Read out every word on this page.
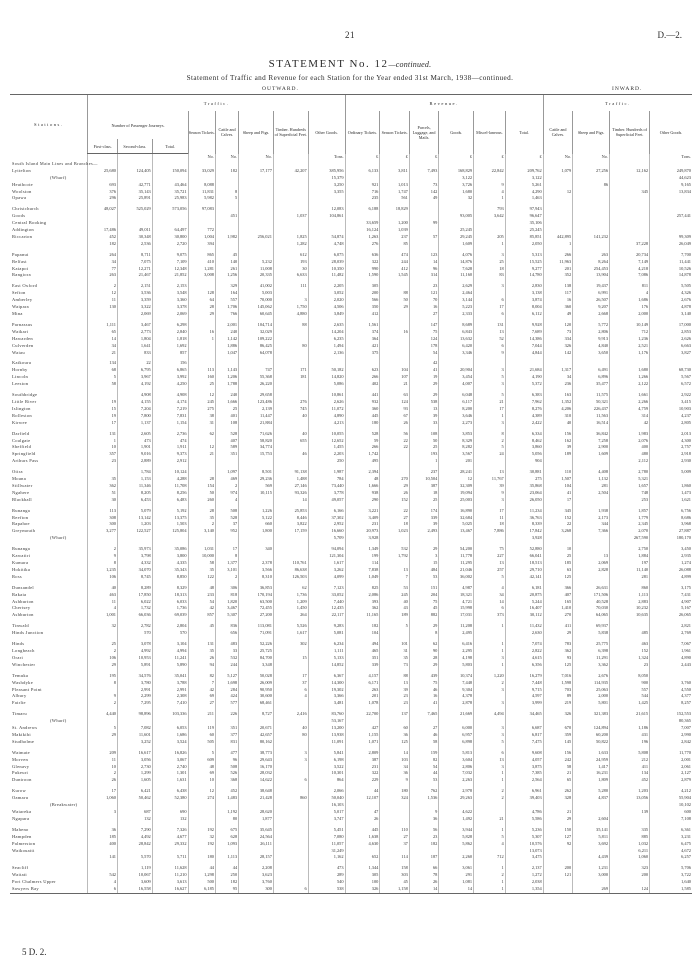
21	D.—2.
STATEMENT No. 12—continued.
Statement of Traffic and Revenue for each Station for the Year ended 31st March, 1938—continued.
OUTWARD.	INWARD.
Stations.	Traffic.								Revenue.						Traffic.			
	Number of Passenger Journeys.			Season Tickets.	Cattle and Calves.	Sheep and Pigs.	Timber. Hundreds of Superficial Feet.	Other Goods.	Ordinary Tickets.	Season Tickets.	Parcels, Luggage, and Mails.	Goods.	Miscel-laneous.	Total.	Cattle and Calves.	Sheep and Pigs.	Timber. Hundreds of Superficial Feet.	Other Goods.
	First-class.	Second-class.	Total.															
				No.	No.	No.		Tons.	£	£	£	£	£	£	No.	No.		Tons.
South Island Main Lines and Branches—																		
Lyttelton	25,680	124,405	150,094	33,029	182	17,177	42,207	385,956	6,133	3,811	7,493	168,829	22,842	209,762	1,079	27,256	12,162	249,870
(Wharf)								15,379				3,122		3,122				44,623
Heathcote	693	42,771	43,464	8,088				3,250	921	1,013	73	3,726	9	5,261		86		9,165
Woolston	376	35,143	35,721	11,831	8			3,355	716	1,747	142	1,680	4	4,290	12		345	13,834
Opawa	296	25,891	25,983	5,982	5				235	561	49	32	1	1,463				

Christchurch	48,027	525,029	573,056	97,083				12,083	6,188	18,829			793	97,943				
Goods					451		1,037	104,861				93,005	3,642	96,647				257,441
Central Booking									33,659	1,200	99			35,106				
Addington	17,486	49,011	64,497	772					16,124	1,039		25,245		25,245				
Riccarton	452	30,348	30,800	1,004	1,982	256,021	1,825	54,874	1,263	237	57	29,245	205	85,851	442,895	141,232		99,309
	182	2,536	2,720	394			1,282	4,748	276	85		1,609	1	2,050	1		37,228	26,049

Papanui	264	8,711	9,075	865	45		612	6,075	636	474	123	4,076	3	5,313	266	263	20,734	7,700
Belfast	34	7,075	7,109	410	140	5,232	193	28,039	322	244	14	14,876	25	15,525	11,963	8,264	7,149	11,441
Kaiapoi	77	12,271	12,348	1,281	261	11,008	30	10,350	990	412	96	7,628	18	9,277	201	254,453	4,218	10,526
Rangiora	263	21,467	21,852	3,008	1,256	20,335	6,633	11,482	1,590	1,545	314	11,160	83	14,780	352	13,904	7,086	14,878

East Oxford	2	2,151	2,153		329	41,002	111	2,205	305		23	2,629	3	2,830	138	19,437	811	5,505
Sefton	12	3,536	3,548	128	164	5,003		3,052	200	88	121	2,464		3,138	117	6,991	4	4,326
Amberley	11	3,359	3,360	64	557	70,000	3	2,020	566	50	70	3,144	6	3,874	16	26,507	1,686	2,676
Waipara	130	3,322	3,378	28	1,706	145,062	1,750	4,506	350	29	16	5,223	17	8,004	360	9,207	176	4,878
Mina		2,069	2,069	29	766	60,645	4,880	3,849	412		27	2,333	6	6,112	49	2,668	2,000	3,140

Parnassus	1,111	3,467	6,298		2,001	104,714	88	2,635	1,561		147	8,689	131	9,928	120	5,772	10,149	17,000
Waikari	65	2,773	2,840	16	240	32,029		14,204	374	16	75	6,843	13	7,689	73	2,806	712	2,853
Hawarden	14	1,804	1,818	1	1,142	109,222		6,235	364		124	13,632	52	14,386	334	9,913	1,236	2,626
Culverden	34	1,641	1,692		1,886	86,425	80	1,494	421		178	6,420	6	7,044	326	4,840	2,521	6,663
Waiau	21	833	857		1,047	64,078		2,136	375		54	3,346	9	4,844	142	3,650	1,176	3,827

Kaikoura	134	22	156								42							
Hornby	68	6,795	6,865	113	1,143	747	171	50,182	623	104	41	20,904	3	21,684	1,317	6,491	1,680	68,730
Lincoln	5	3,967	3,992	160	1,206	55,368	181	14,820	266	107	19	3,454	5	4,190	34	6,896	1,266	5,567
Leeston	58	4,192	4,250	25	1,788	26,220		5,086	402	21	29	4,007	3	5,372	236	35,477	2,122	6,572

Southbridge		4,908	4,908	12	240	29,658		10,861	441	63	29	6,048	5	6,383	163	11,575	1,661	2,922
Little River	19	4,155	4,174	245	1,666	123,486	276	2,626	932	124	538	6,117	21	7,962	1,352	50,321	2,266	3,415
Islington	15	7,204	7,219	275	25	2,139	745	11,072	360	93	13	8,200	17	8,276	4,206	226,437	4,759	10,903
Rolleston	19	7,800	7,831	38	401	11,447	40	4,890	445	67	39	3,646	1	4,389	310	11,563	314	4,237
Kirwee	17	1,137	1,154	31	108	21,884		4,213	180	26	33	2,273	3	2,422	40	16,514	42	2,805

Darfield	131	2,605	2,736	62	528	71,626	40	10,055	528	56	108	3,853	8	6,334	156	36,842	1,983	2,013
Coalgate	1	473	474		407	58,820	655	12,652	59	22	50	8,329	2	8,462	162	7,258	2,076	4,300
Sheffield	10	1,901	1,911	12	589	34,774		1,455	266	22	25	8,282	5	3,860	39	2,900	400	2,757
Springfield	357	9,016	9,373	21	351	15,753	46	2,203	1,742		193	3,567	24	5,056	189	1,609	480	2,918
Arthurs Pass	23	2,889	2,912					250	495		1	201		904			2,112	2,930

Otira		1,784	10,124		1,097	8,501	91,138	1,987	2,394		237	28,241	13	30,881	110	4,408	2,780	5,009
Moana	35	1,153	4,288	28	469	29,236	1,488	784	48	270	10,504	12	11,767	275	1,507	1,132	5,321	
Stillwater	362	11,346	11,708	154	2	569	27,146	73,440	1,666	29	387	32,309	39	35,868	104	281	1,657	1,860
Ngahere	51	8,205	8,256	50	974	10,115	93,326	3,778	938	26	18	19,094	9	23,064	41	2,504	748	1,473
Blackball	30	6,453	6,483	260	4		14	49,057	290	152	25	25,003	3	26,050	17		253	1,621

Runanga	113	5,079	5,192	28	508	1,226	25,853	6,166	3,221	22	174	16,890	17	11,234	345	1,938	1,857	6,756
Reefton	308	13,142	13,375	35	528	5,122	8,446	37,302	3,409	27	339	32,684	11	36,763	152	2,173	1,779	8,686
Rapahoe	300	1,203	1,503	2	37	660	3,822	2,952	231	18	39	5,025	18	8,339	22	344	2,345	3,968
Greymouth	3,277	122,527	125,804	3,140	952	1,800	17,159	16,660	20,973	1,023	2,493	13,467	7,886	17,842	3,268	7,366	2,070	27,887
(Wharf)								5,709	3,928					3,928			267,590	180,170

Runanga	2	35,973	35,086	1,031	17	340		94,094	1,349	532	29	54,200	75	52,880	10		2,750	3,450
Kawatiri	9	3,798	3,800	10,000	8			121,304	199	1,792	3	11,778	227	66,041	25	13	1,884	2,935
Kumara	8	4,332	4,335	58	1,377	2,378	110,761	1,617	114		15	11,295	13	18,513	185	2,069	197	1,274
Hokitika	1,235	34,070	35,343	35	3,101	3,566	86,638	3,262	7,838	13	484	21,046	257	29,710	63	2,828	11,140	26,088
Ross	106	8,745	8,850	122	2	8,310	126,503	4,099	1,049	7	53	36,002	5	42,141	125		281	4,899

Dunsandel	40	8,289	8,329	48	306	36,853	62	7,123	825	53	151	4,987	4	6,181	366	26,631	860	3,175
Rakaia	463	17,850	18,313	233	818	170,194	1,736	33,052	2,086	245	204	18,321	34	20,875	407	171,506	1,113	7,431
Ashburton	11	6,022	6,033	54	1,820	63,500	1,209	7,440	393	40	75	4,721	14	5,244	165	40,528	2,883	4,907
Chertsey	4	1,732	1,736	42	3,467	72,455	1,450	12,435	362	43	45	15,998	6	16,407	1,410	70,030	10,232	5,167
Ashburton	1,001	66,036	69,039	857	5,307	27,200	264	22,117	11,165	189	882	17,031	373	30,112	270	64,065	10,635	26,065

Tinwald	32	2,782	2,804	45	836	113,081	5,526	9,283	182	5	29	11,208	1	11,432	411	69,937		2,821
Hinds Junction		570	570		656	71,091	1,617	5,081	104		8	2,495		2,630	29	5,838	485	2,769

Hinds	25	3,078	3,104	131	483	52,226	302	6,234	494	101	62	6,416	1	7,074	783	25,775	463	7,067
Longbeach	2	4,992	4,994	35	33	25,725		1,111	465	31	90	2,295	1	2,822	362	6,398	152	1,961
Orari	106	10,953	11,241	26	532	84,700	15	5,133	351	35	28	4,198	3	4,615	93	11,291	1,324	4,890
Winchester	29	5,891	5,890	94	244	3,348		14,852	339	73	29	5,803	1	6,356	125	3,362	23	2,443

Temuka	195	34,576	35,041	82	5,127	50,028	17	6,367	4,157	88	439	10,374	1,220	16,279	7,016	2,676	8,050	
Washdyke	8	3,780	3,788	7	1,698	26,009	37	14,300	6,171	13	75	7,448	2	7,448	1,598	114,935	900	3,760
Pleasant Point		2,991	2,991	42	284	90,950	6	19,302	263	39	46	9,304	3	9,715	703	25,063	557	4,550
Albury	9	2,299	2,308	69	424	30,600	4	3,366	201	23	16	4,378		4,597	89	2,000	544	4,377
Fairlie	2	7,295	7,410	27	577	68,461		3,481	1,078	23	41	2,878	3	3,999	219	5,801	1,425	8,257

Timaru	4,440	98,896	103,336	211	226	8,727	2,416	83,760	22,700	137	7,465	21,669	4,494	34,465	326	321,383	21,615	152,553
(Wharf)								53,167										80,365
St. Andrews	5	7,082	6,053	119	351	20,671	40	13,200	427	60	27	6,000	3	6,687	670	124,894	1,186	7,007
Makikihi	29	11,601	1,686	60	377	42,657	80	13,938	1,155	36	46	6,957	3	6,817	359	60,200	431	2,990
Studholme		3,252	3,524	505	831	80,162		11,091	1,071	125	58	6,898	5	7,475	145	50,822	196	2,842

Waimate	209	16,617	16,826	5	477	38,773	3	5,841	2,809	14	159	5,813	6	9,608	156	1,633	5,808	11,770
Morven	11	3,056	3,067	609	96	29,643	3	6,198	387	103	82	3,604	13	4,057	242	24,959	212	2,001
Glenavy	10	2,730	2,740	48	508	16,170		3,522	231	34	54	2,806	3	3,875	58	1,417	411	2,061
Pukeuri	2	1,299	1,301	69	526	28,032		10,301	322	36	44	7,032	1	7,385	21	16,231	134	2,127
Duntroon	26	1,605	1,631	10	368	14,622	6	864	229	9	53	2,263	1	2,564	65	1,809	452	2,879

Kurow	17	6,421	6,438	12	452	38,648		2,066	44	180	762	2,978	2	6,961	262	5,280	1,203	4,212
Oamaru	1,060	50,462	52,380	274	1,483	21,428	860	50,040	12,107	324	1,536	29,263	2	39,403	328	4,837	13,056	55,904
(Breakwater)								16,103										10,102
Waiareka	3	687	690		1,192	28,620		5,017	47		9	4,622		4,786	21		139	600
Ngapara		132	132		80	1,877		3,747	26		36	1,492	21	5,586	29	2,604		7,108

Maheno	36	7,290	7,326	192	675	35,645		5,451	445	110	56	3,944	1	5,236	150	35,141	335	6,361
Hampden	185	4,492	4,677	32	628	24,564		7,080	1,638	27	23	5,828	5	5,307	127	5,811	885	3,231
Palmerston	400	28,842	29,332	192	1,093	26,111		11,057	4,630	37	182	5,862	4	10,576	92	3,692	1,032	6,475
Waikouaiti								31,249						13,073			6,211	4,672
	141	5,570	5,711	180	1,113	28,157		1,162	652	114	187	2,260	712	3,475		4,439	1,060	6,257

Seacliff		1,119	11,628	44	44	2,208		473	1,344	158	66	3,061	1	2,137	200	1,231	323	5,706
Waitati	542	10,067	11,210	1,298	250	3,623		289	305	303	78	291	2	1,272	121	3,000	200	3,722
Port Chalmers Upper	4	3,609	3,613	500	182	3,760		540	100	45	26	1,081	1	2,038				1,640
Sawyers Bay	6	16,558	16,627	6,185	95	300	6	538	326	1,158	14	14	1	1,354		269	124	1,585
5 D. 2.
